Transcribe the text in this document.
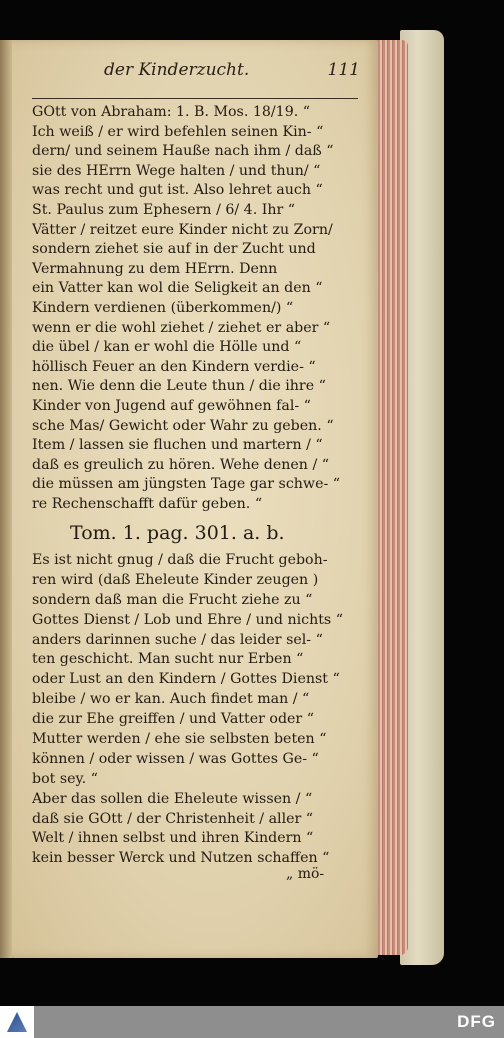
der Kinderzucht.	111
GOtt von Abraham: 1. B. Mos. 18/19. “
Ich weiß / er wird befehlen seinen Kin- “
dern/ und seinem Hauße nach ihm / daß “
sie des HErrn Wege halten / und thun/ “
was recht und gut ist. Also lehret auch “
St. Paulus zum Ephesern / 6/ 4. Ihr “
Vätter / reitzet eure Kinder nicht zu Zorn/
sondern ziehet sie auf in der Zucht und
Vermahnung zu dem HErrn. Denn
ein Vatter kan wol die Seligkeit an den “
Kindern verdienen (überkommen/) “
wenn er die wohl ziehet / ziehet er aber “
die übel / kan er wohl die Hölle und “
höllisch Feuer an den Kindern verdie- “
nen. Wie denn die Leute thun / die ihre “
Kinder von Jugend auf gewöhnen fal- “
sche Mas/ Gewicht oder Wahr zu geben. “
Item / lassen sie fluchen und martern / “
daß es greulich zu hören. Wehe denen / “
die müssen am jüngsten Tage gar schwe- “
re Rechenschafft dafür geben. “
Tom. 1. pag. 301. a. b.
Es ist nicht gnug / daß die Frucht geboh-
ren wird (daß Eheleute Kinder zeugen )
sondern daß man die Frucht ziehe zu “
Gottes Dienst / Lob und Ehre / und nichts “
anders darinnen suche / das leider sel- “
ten geschicht. Man sucht nur Erben “
oder Lust an den Kindern / Gottes Dienst “
bleibe / wo er kan. Auch findet man / “
die zur Ehe greiffen / und Vatter oder “
Mutter werden / ehe sie selbsten beten “
können / oder wissen / was Gottes Ge- “
bot sey. “
Aber das sollen die Eheleute wissen / “
daß sie GOtt / der Christenheit / aller “
Welt / ihnen selbst und ihren Kindern “
kein besser Werck und Nutzen schaffen “
„ mö-
DFG
